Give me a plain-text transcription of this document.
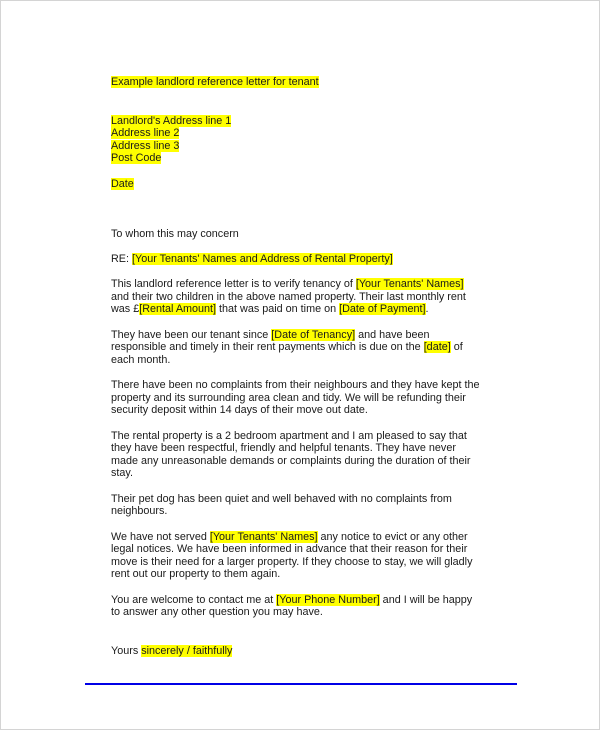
Example landlord reference letter for tenant
Landlord's Address line 1
Address line 2
Address line 3
Post Code
Date
To whom this may concern
RE: [Your Tenants' Names and Address of Rental Property]
This landlord reference letter is to verify tenancy of [Your Tenants' Names]
and their two children in the above named property. Their last monthly rent
was £[Rental Amount] that was paid on time on [Date of Payment].
They have been our tenant since [Date of Tenancy] and have been
responsible and timely in their rent payments which is due on the [date] of
each month.
There have been no complaints from their neighbours and they have kept the
property and its surrounding area clean and tidy. We will be refunding their
security deposit within 14 days of their move out date.
The rental property is a 2 bedroom apartment and I am pleased to say that
they have been respectful, friendly and helpful tenants. They have never
made any unreasonable demands or complaints during the duration of their
stay.
Their pet dog has been quiet and well behaved with no complaints from
neighbours.
We have not served [Your Tenants' Names] any notice to evict or any other
legal notices. We have been informed in advance that their reason for their
move is their need for a larger property. If they choose to stay, we will gladly
rent out our property to them again.
You are welcome to contact me at [Your Phone Number] and I will be happy
to answer any other question you may have.
Yours sincerely / faithfully
